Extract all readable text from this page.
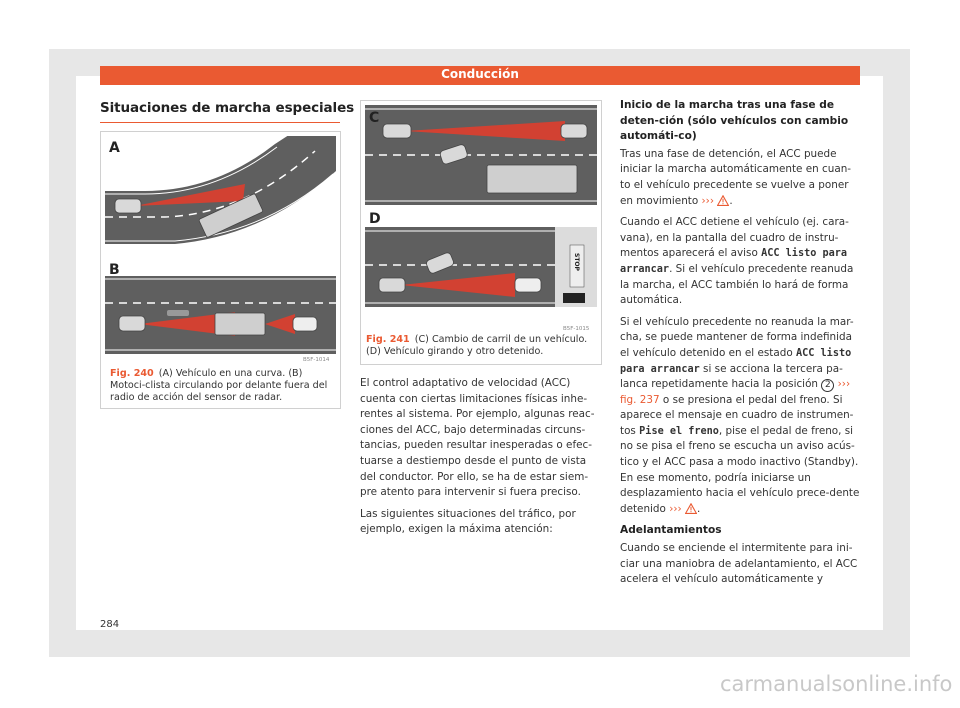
Conducción
Situaciones de marcha especiales
A
B
B5F-1014
Fig. 240 (A) Vehículo en una curva. (B) Motoci-clista circulando por delante fuera del radio de acción del sensor de radar.
C
STOP
D
B5F-1015
Fig. 241 (C) Cambio de carril de un vehículo. (D) Vehículo girando y otro detenido.

El control adaptativo de velocidad (ACC) cuenta con ciertas limitaciones físicas inhe-rentes al sistema. Por ejemplo, algunas reac-ciones del ACC, bajo determinadas circuns-tancias, pueden resultar inesperadas o efec-tuarse a destiempo desde el punto de vista del conductor. Por ello, se ha de estar siem-pre atento para intervenir si fuera preciso.

Las siguientes situaciones del tráfico, por ejemplo, exigen la máxima atención:

Inicio de la marcha tras una fase de deten-ción (sólo vehículos con cambio automáti-co)

Tras una fase de detención, el ACC puede iniciar la marcha automáticamente en cuan-to el vehículo precedente se vuelve a poner en movimiento ››› .

Cuando el ACC detiene el vehículo (ej. cara-vana), en la pantalla del cuadro de instru-mentos aparecerá el aviso ACC listo para arrancar. Si el vehículo precedente reanuda la marcha, el ACC también lo hará de forma automática.

Si el vehículo precedente no reanuda la mar-cha, se puede mantener de forma indefinida el vehículo detenido en el estado ACC listo para arrancar si se acciona la tercera pa-lanca repetidamente hacia la posición 2 ››› fig. 237 o se presiona el pedal del freno. Si aparece el mensaje en cuadro de instrumen-tos Pise el freno, pise el pedal de freno, si no se pisa el freno se escucha un aviso acús-tico y el ACC pasa a modo inactivo (Standby). En ese momento, podría iniciarse un desplazamiento hacia el vehículo prece-dente detenido ››› .

Adelantamientos

Cuando se enciende el intermitente para ini-ciar una maniobra de adelantamiento, el ACC acelera el vehículo automáticamente y

284
carmanualsonline.info
